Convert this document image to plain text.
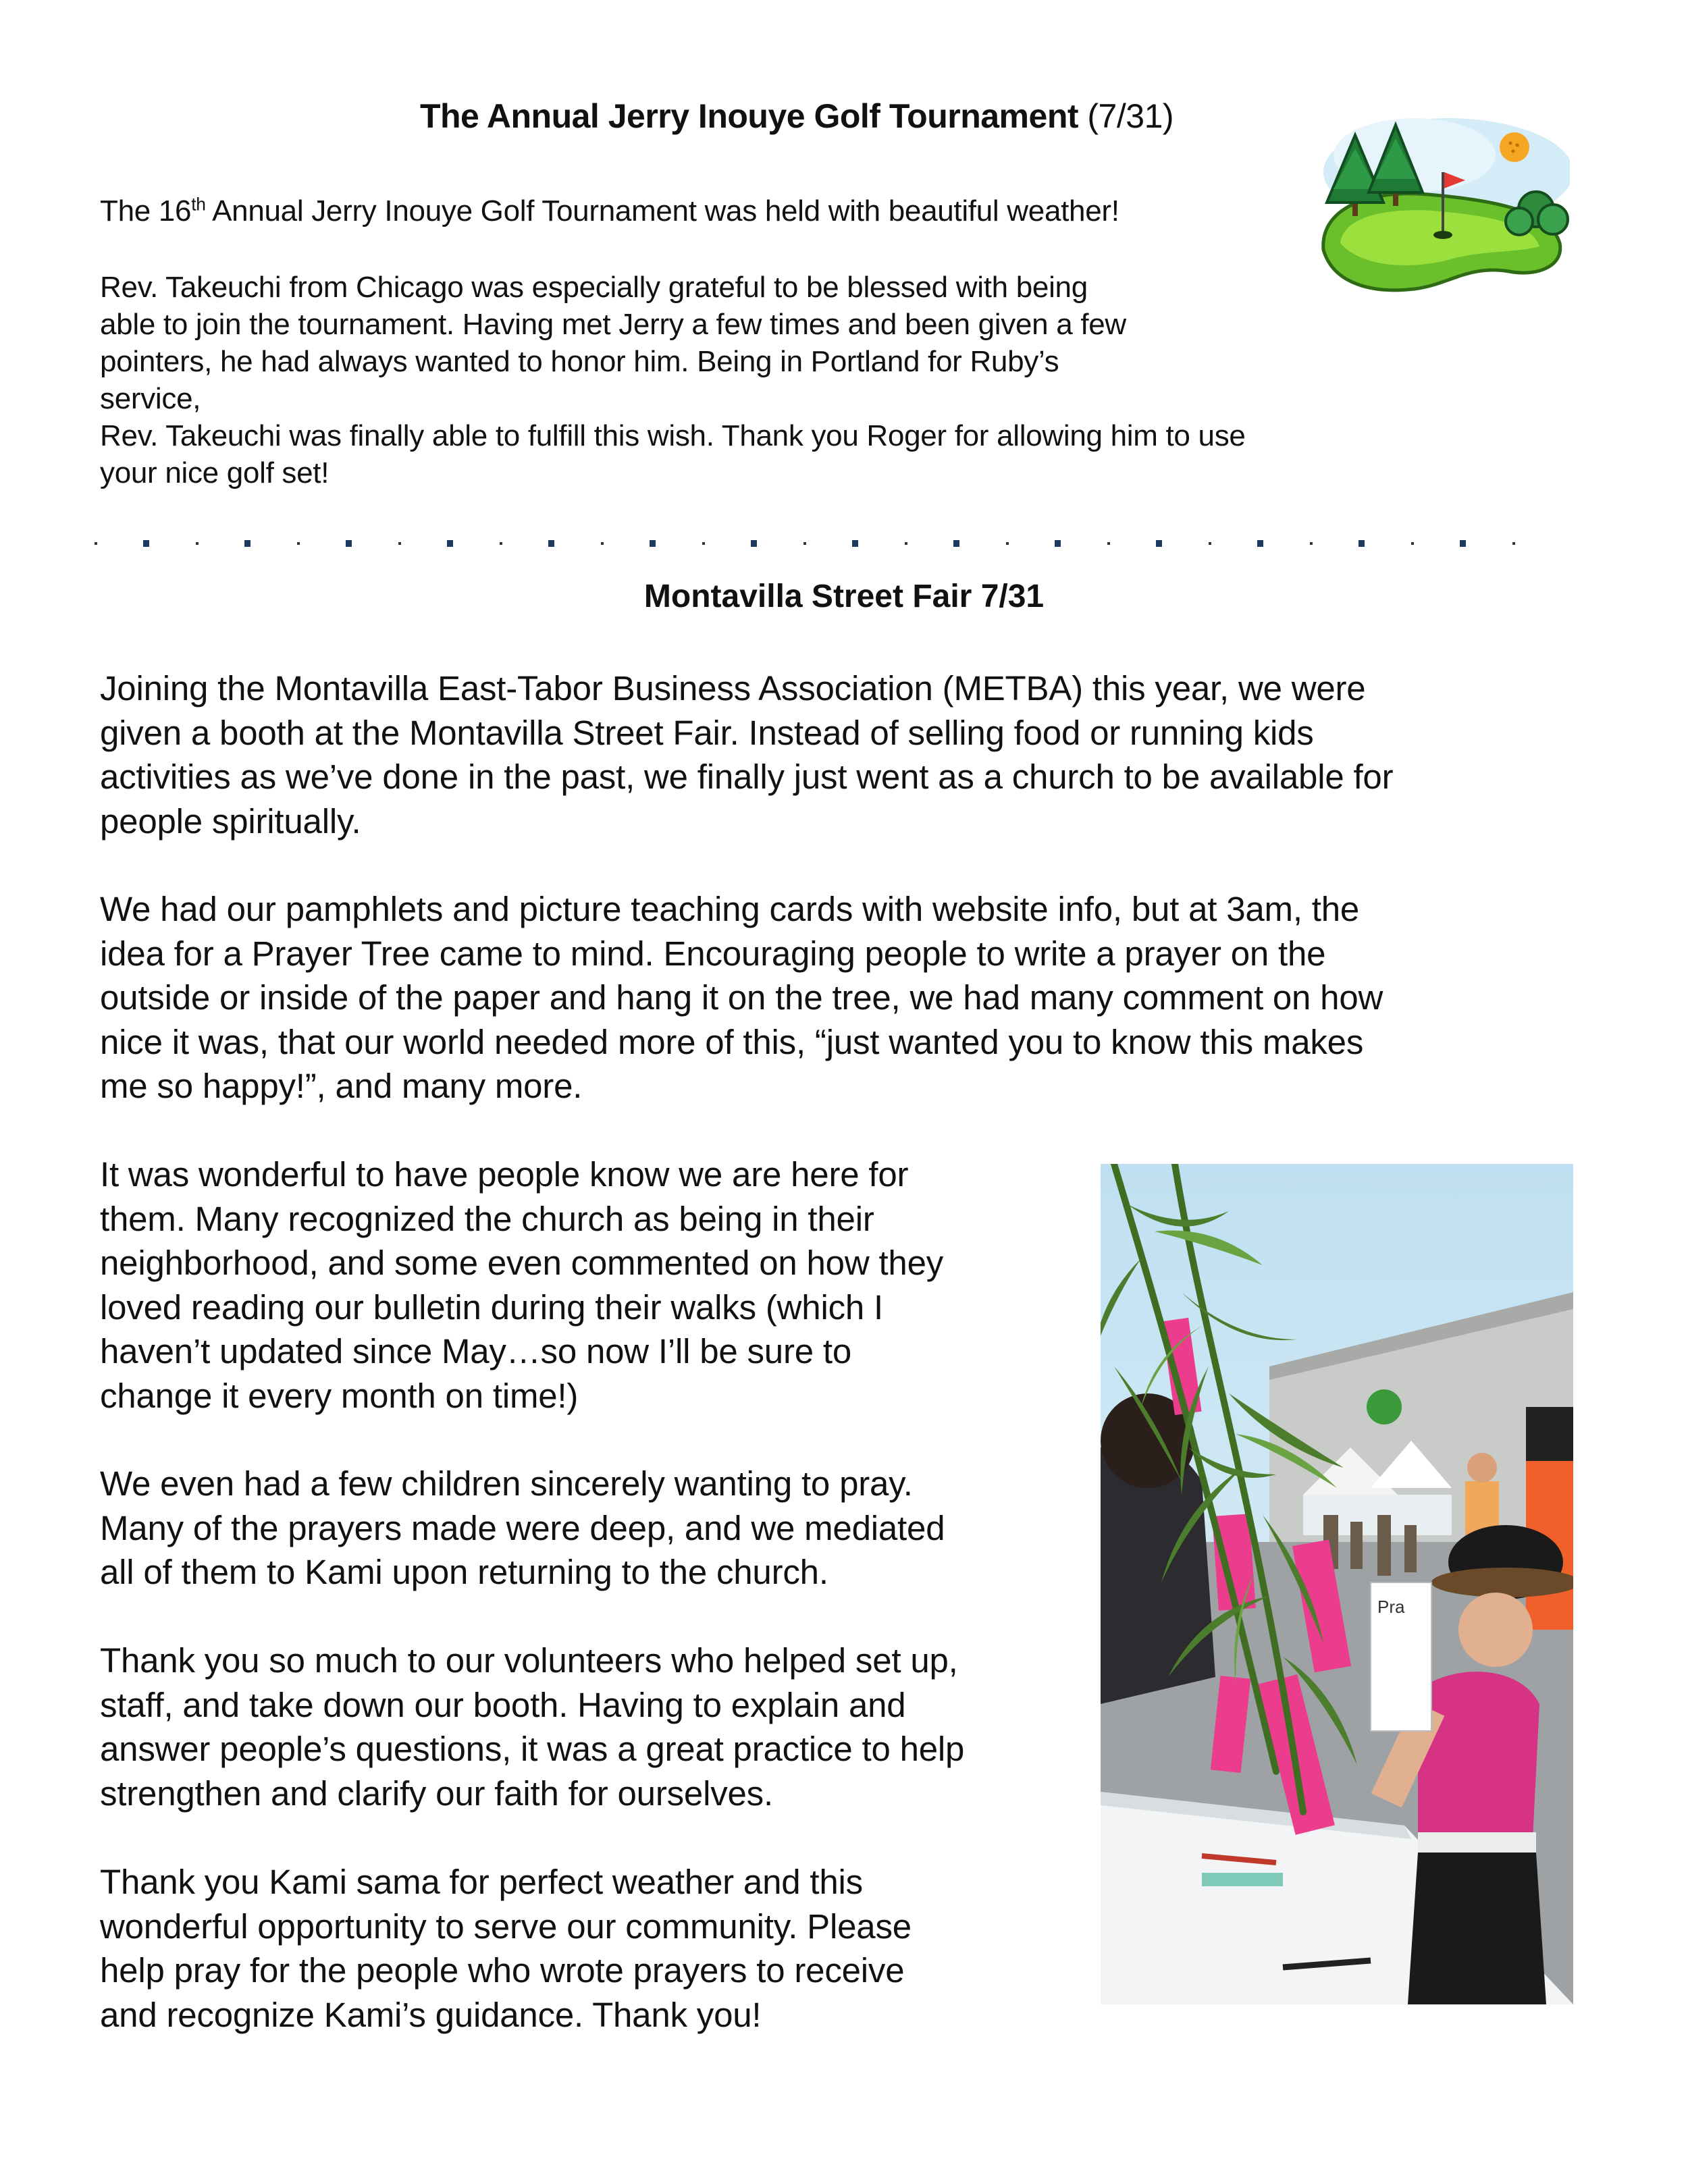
The Annual Jerry Inouye Golf Tournament (7/31)

The 16th Annual Jerry Inouye Golf Tournament was held with beautiful weather!

Rev. Takeuchi from Chicago was especially grateful to be blessed with being
able to join the tournament. Having met Jerry a few times and been given a few
pointers, he had always wanted to honor him. Being in Portland for Ruby’s
service,
Rev. Takeuchi was finally able to fulfill this wish. Thank you Roger for allowing him to use
your nice golf set!

Montavilla Street Fair 7/31

Joining the Montavilla East-Tabor Business Association (METBA) this year, we were
given a booth at the Montavilla Street Fair. Instead of selling food or running kids
activities as we’ve done in the past, we finally just went as a church to be available for
people spiritually.

We had our pamphlets and picture teaching cards with website info, but at 3am, the
idea for a Prayer Tree came to mind. Encouraging people to write a prayer on the
outside or inside of the paper and hang it on the tree, we had many comment on how
nice it was, that our world needed more of this, “just wanted you to know this makes
me so happy!”, and many more.

It was wonderful to have people know we are here for
them. Many recognized the church as being in their
neighborhood, and some even commented on how they
loved reading our bulletin during their walks (which I
haven’t updated since May…so now I’ll be sure to
change it every month on time!)

We even had a few children sincerely wanting to pray.
Many of the prayers made were deep, and we mediated
all of them to Kami upon returning to the church.

Thank you so much to our volunteers who helped set up,
staff, and take down our booth. Having to explain and
answer people’s questions, it was a great practice to help
strengthen and clarify our faith for ourselves.

Thank you Kami sama for perfect weather and this
wonderful opportunity to serve our community. Please
help pray for the people who wrote prayers to receive
and recognize Kami’s guidance. Thank you!

Pra
